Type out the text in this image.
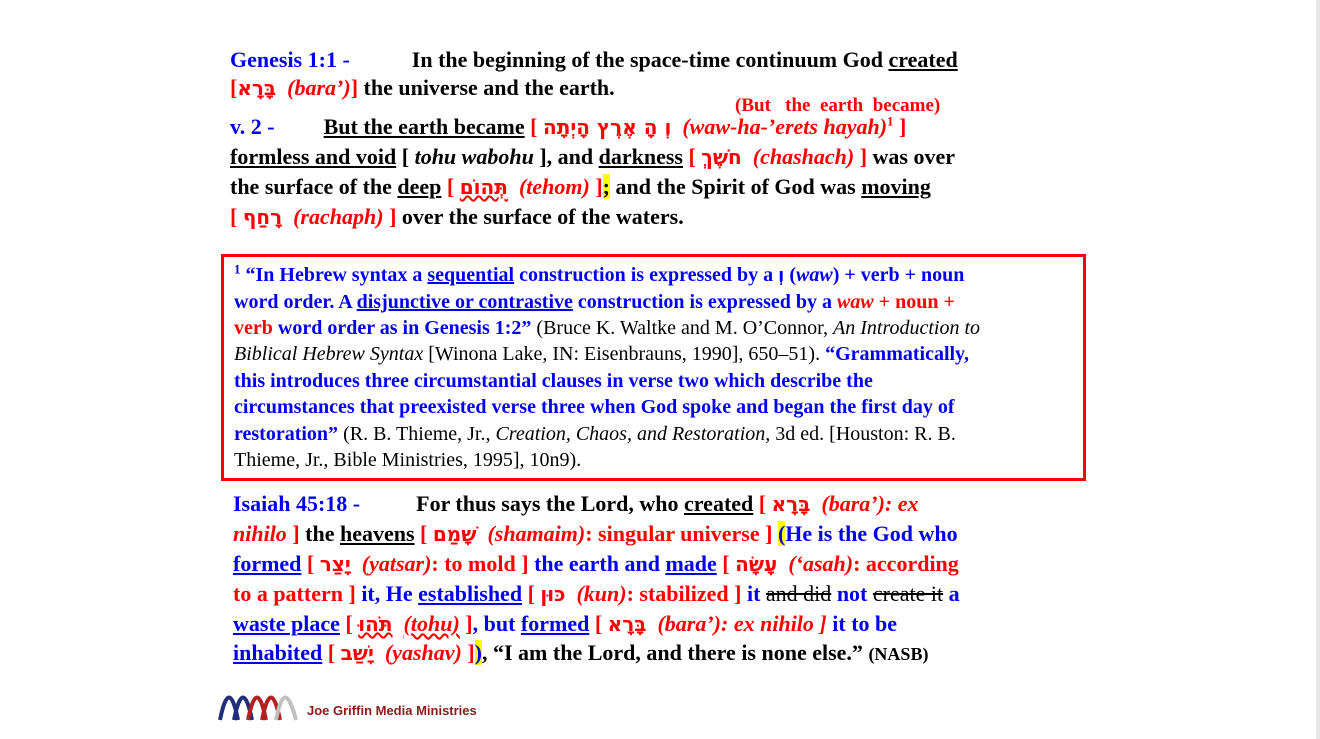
Genesis 1:1 -	In the beginning of the space-time continuum God created
[בָּרָא (bara’)] the universe and the earth.
(But   the  earth  became)
v. 2 - But the earth became [ וְ הָ אֶרֶץ הָיְתָה (waw-ha-’erets hayah)$^1$ ]
formless and void [ tohu wabohu ], and darkness [ חֹשֶׁךְ (chashach) ] was over
the surface of the deep [ תְּהוֹם (tehom) ]; and the Spirit of God was moving
[ רָחַף (rachaph) ] over the surface of the waters.
$^1$ “In Hebrew syntax a sequential construction is expressed by a וְ (waw) + verb + noun
word order. A disjunctive or contrastive construction is expressed by a waw + noun +
verb word order as in Genesis 1:2” (Bruce K. Waltke and M. O’Connor, An Introduction to
Biblical Hebrew Syntax [Winona Lake, IN: Eisenbrauns, 1990], 650–51). “Grammatically,
this introduces three circumstantial clauses in verse two which describe the
circumstances that preexisted verse three when God spoke and began the first day of
restoration” (R. B. Thieme, Jr., Creation, Chaos, and Restoration, 3d ed. [Houston: R. B.
Thieme, Jr., Bible Ministries, 1995], 10n9).
Isaiah 45:18 -	For thus says the Lord, who created [ בָּרָא (bara’): ex
nihilo ] the heavens [ שָׁמַם (shamaim): singular universe ] (He is the God who
formed [ יָצַר (yatsar): to mold ] the earth and made [ עָשָׂה (‘asah): according
to a pattern ] it, He established [ כּוּן (kun): stabilized ] it and did not create it a
waste place [ תֹּהוּ (tohu) ], but formed [ בָּרָא (bara’): ex nihilo ] it to be
inhabited [ יָשַׁב (yashav) ]), “I am the Lord, and there is none else.” (NASB)
Joe Griffin Media Ministries
